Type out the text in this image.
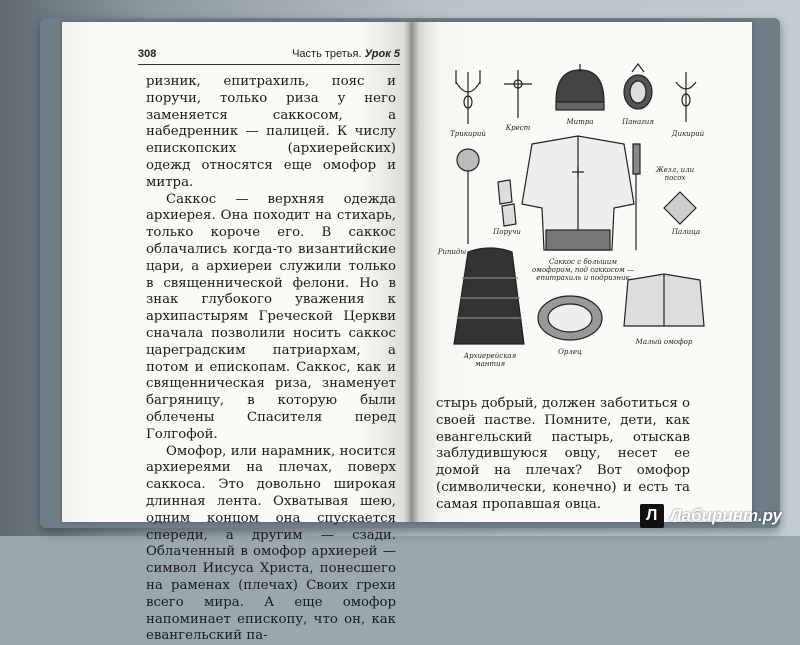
308	Часть третья. Урок 5

ризник, епитрахиль, пояс и поручи, только риза у него заменяется саккосом, а набедренник — палицей. К числу епископских (архиерейских) одежд относятся еще омофор и митра.

Саккос — верхняя одежда архиерея. Она походит на стихарь, только короче его. В саккос облачались когда-то византийские цари, а архиереи служили только в священнической фелони. Но в знак глубокого уважения к архипастырям Греческой Церкви сначала позволили носить саккос цареградским патриархам, а потом и епископам. Саккос, как и священническая риза, знаменует багряницу, в которую были облечены Спасителя перед Голгофой.

Омофор, или нарамник, носится архиереями на плечах, поверх саккоса. Это довольно широкая длинная лента. Охватывая шею, одним концом она спускается спереди, а другим — сзади. Облаченный в омофор архиерей — символ Иисуса Христа, понесшего на раменах (плечах) Своих грехи всего мира. А еще омофор напоминает епископу, что он, как евангельский па-

Трикирий
Крест
Митра	Панагия
Дикирий
Поручи
Жезл, или посох
Рипиды
Палица
Саккос с большим омофором, под саккосом — епитрахиль и подризник
Архиерейская мантия
Орлец
Малый омофор
стырь добрый, должен заботиться о своей пастве. Помните, дети, как евангельский пастырь, отыскав заблудившуюся овцу, несет ее домой на плечах? Вот омофор (символически, конечно) и есть та самая пропавшая овца.
Л Лабиринт.ру
